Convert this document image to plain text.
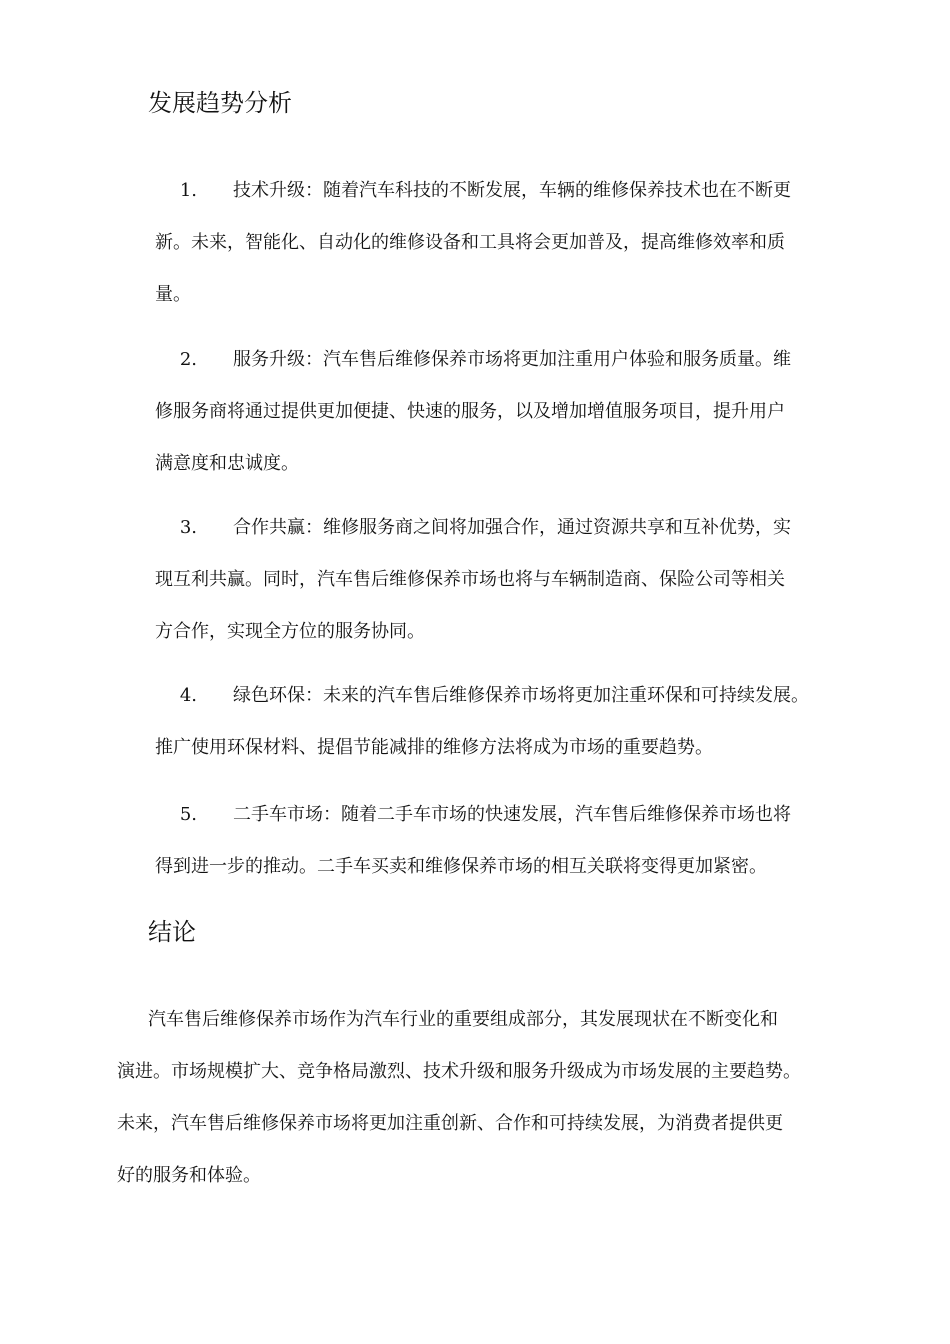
发展趋势分析
1. 技术升级：随着汽车科技的不断发展，车辆的维修保养技术也在不断更
新。未来，智能化、自动化的维修设备和工具将会更加普及，提高维修效率和质
量。
2. 服务升级：汽车售后维修保养市场将更加注重用户体验和服务质量。维
修服务商将通过提供更加便捷、快速的服务，以及增加增值服务项目，提升用户
满意度和忠诚度。
3. 合作共赢：维修服务商之间将加强合作，通过资源共享和互补优势，实
现互利共赢。同时，汽车售后维修保养市场也将与车辆制造商、保险公司等相关
方合作，实现全方位的服务协同。
4. 绿色环保：未来的汽车售后维修保养市场将更加注重环保和可持续发展。
推广使用环保材料、提倡节能减排的维修方法将成为市场的重要趋势。
5. 二手车市场：随着二手车市场的快速发展，汽车售后维修保养市场也将
得到进一步的推动。二手车买卖和维修保养市场的相互关联将变得更加紧密。
结论
汽车售后维修保养市场作为汽车行业的重要组成部分，其发展现状在不断变化和
演进。市场规模扩大、竞争格局激烈、技术升级和服务升级成为市场发展的主要趋势。
未来，汽车售后维修保养市场将更加注重创新、合作和可持续发展，为消费者提供更
好的服务和体验。
